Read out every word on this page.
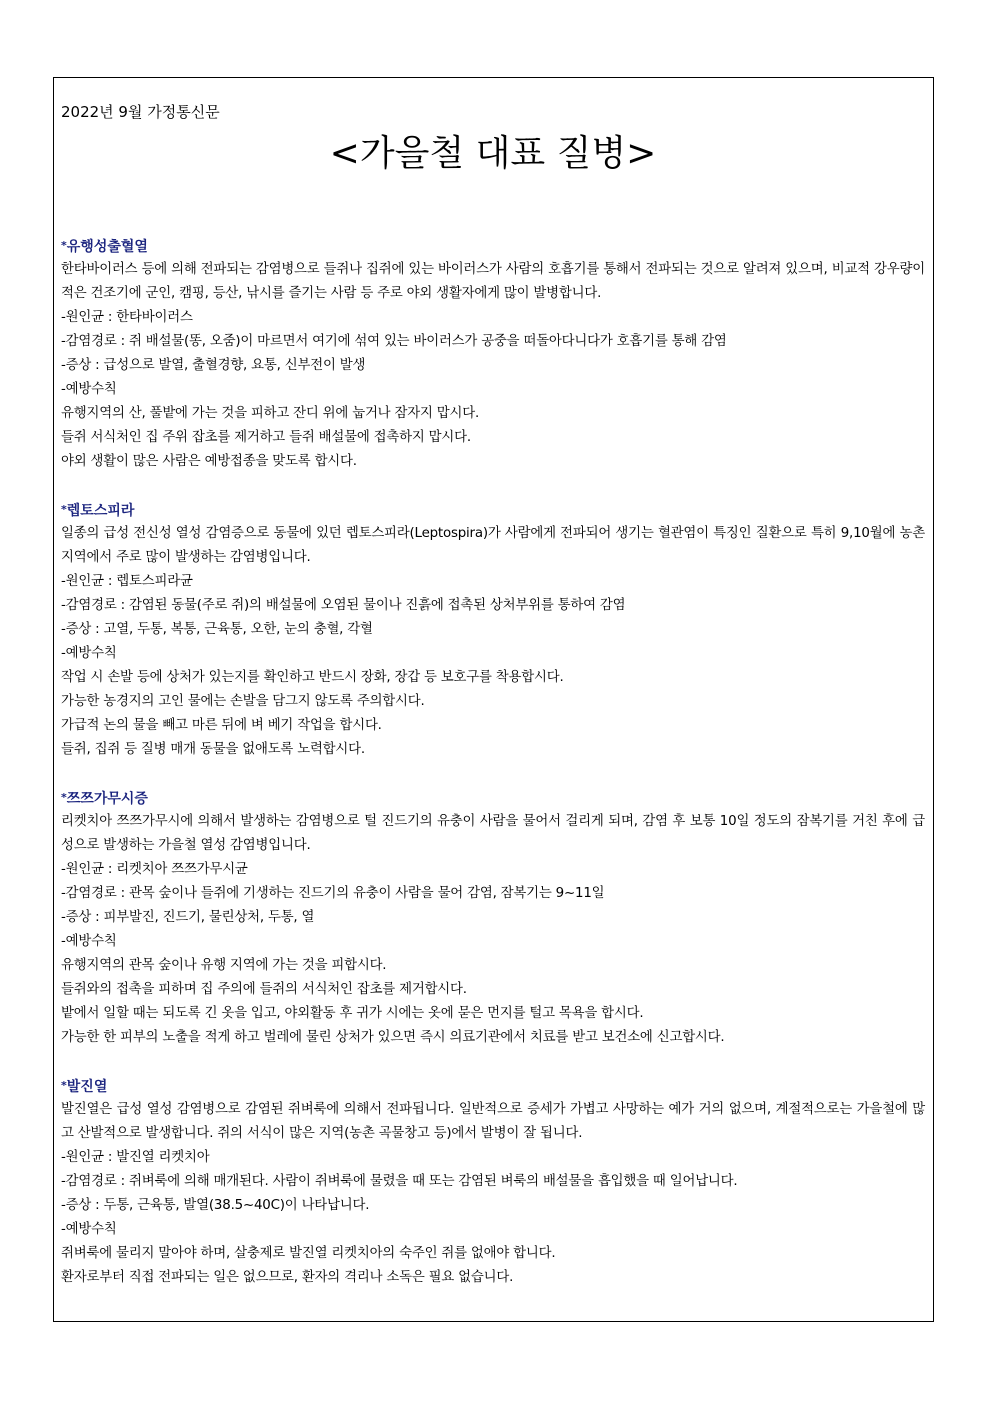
2022년 9월 가정통신문
<가을철 대표 질병>
*유행성출혈열
한타바이러스 등에 의해 전파되는 감염병으로 들쥐나 집쥐에 있는 바이러스가 사람의 호흡기를 통해서 전파되는 것으로 알려져 있으며, 비교적 강우량이 적은 건조기에 군인, 캠핑, 등산, 낚시를 즐기는 사람 등 주로 야외 생활자에게 많이 발병합니다.
-원인균 : 한타바이러스
-감염경로 : 쥐 배설물(똥, 오줌)이 마르면서 여기에 섞여 있는 바이러스가 공중을 떠돌아다니다가 호흡기를 통해 감염
-증상 : 급성으로 발열, 출혈경향, 요통, 신부전이 발생
-예방수칙
유행지역의 산, 풀밭에 가는 것을 피하고 잔디 위에 눕거나 잠자지 맙시다.
들쥐 서식처인 집 주위 잡초를 제거하고 들쥐 배설물에 접촉하지 맙시다.
야외 생활이 많은 사람은 예방접종을 맞도록 합시다.
*렙토스피라
일종의 급성 전신성 열성 감염증으로 동물에 있던 렙토스피라(Leptospira)가 사람에게 전파되어 생기는 혈관염이 특징인 질환으로 특히 9,10월에 농촌지역에서 주로 많이 발생하는 감염병입니다.
-원인균 : 렙토스피라균
-감염경로 : 감염된 동물(주로 쥐)의 배설물에 오염된 물이나 진흙에 접촉된 상처부위를 통하여 감염
-증상 : 고열, 두통, 복통, 근육통, 오한, 눈의 충혈, 각혈
-예방수칙
작업 시 손발 등에 상처가 있는지를 확인하고 반드시 장화, 장갑 등 보호구를 착용합시다.
가능한 농경지의 고인 물에는 손발을 담그지 않도록 주의합시다.
가급적 논의 물을 빼고 마른 뒤에 벼 베기 작업을 합시다.
들쥐, 집쥐 등 질병 매개 동물을 없애도록 노력합시다.
*쯔쯔가무시증
리켓치아 쯔쯔가무시에 의해서 발생하는 감염병으로 털 진드기의 유충이 사람을 물어서 걸리게 되며, 감염 후 보통 10일 정도의 잠복기를 거친 후에 급성으로 발생하는 가을철 열성 감염병입니다.
-원인균 : 리켓치아 쯔쯔가무시균
-감염경로 : 관목 숲이나 들쥐에 기생하는 진드기의 유충이 사람을 물어 감염, 잠복기는 9~11일
-증상 : 피부발진, 진드기, 물린상처, 두통, 열
-예방수칙
유행지역의 관목 숲이나 유행 지역에 가는 것을 피합시다.
들쥐와의 접촉을 피하며 집 주의에 들쥐의 서식처인 잡초를 제거합시다.
밭에서 일할 때는 되도록 긴 옷을 입고, 야외활동 후 귀가 시에는 옷에 묻은 먼지를 털고 목욕을 합시다.
가능한 한 피부의 노출을 적게 하고 벌레에 물린 상처가 있으면 즉시 의료기관에서 치료를 받고 보건소에 신고합시다.
*발진열
발진열은 급성 열성 감염병으로 감염된 쥐벼룩에 의해서 전파됩니다. 일반적으로 증세가 가볍고 사망하는 예가 거의 없으며, 계절적으로는 가을철에 많고 산발적으로 발생합니다. 쥐의 서식이 많은 지역(농촌 곡물창고 등)에서 발병이 잘 됩니다.
-원인균 : 발진열 리켓치아
-감염경로 : 쥐벼룩에 의해 매개된다. 사람이 쥐벼룩에 물렸을 때 또는 감염된 벼룩의 배설물을 흡입했을 때 일어납니다.
-증상 : 두통, 근육통, 발열(38.5~40C)이 나타납니다.
-예방수칙
쥐벼룩에 물리지 말아야 하며, 살충제로 발진열 리켓치아의 숙주인 쥐를 없애야 합니다.
환자로부터 직접 전파되는 일은 없으므로, 환자의 격리나 소독은 필요 없습니다.
